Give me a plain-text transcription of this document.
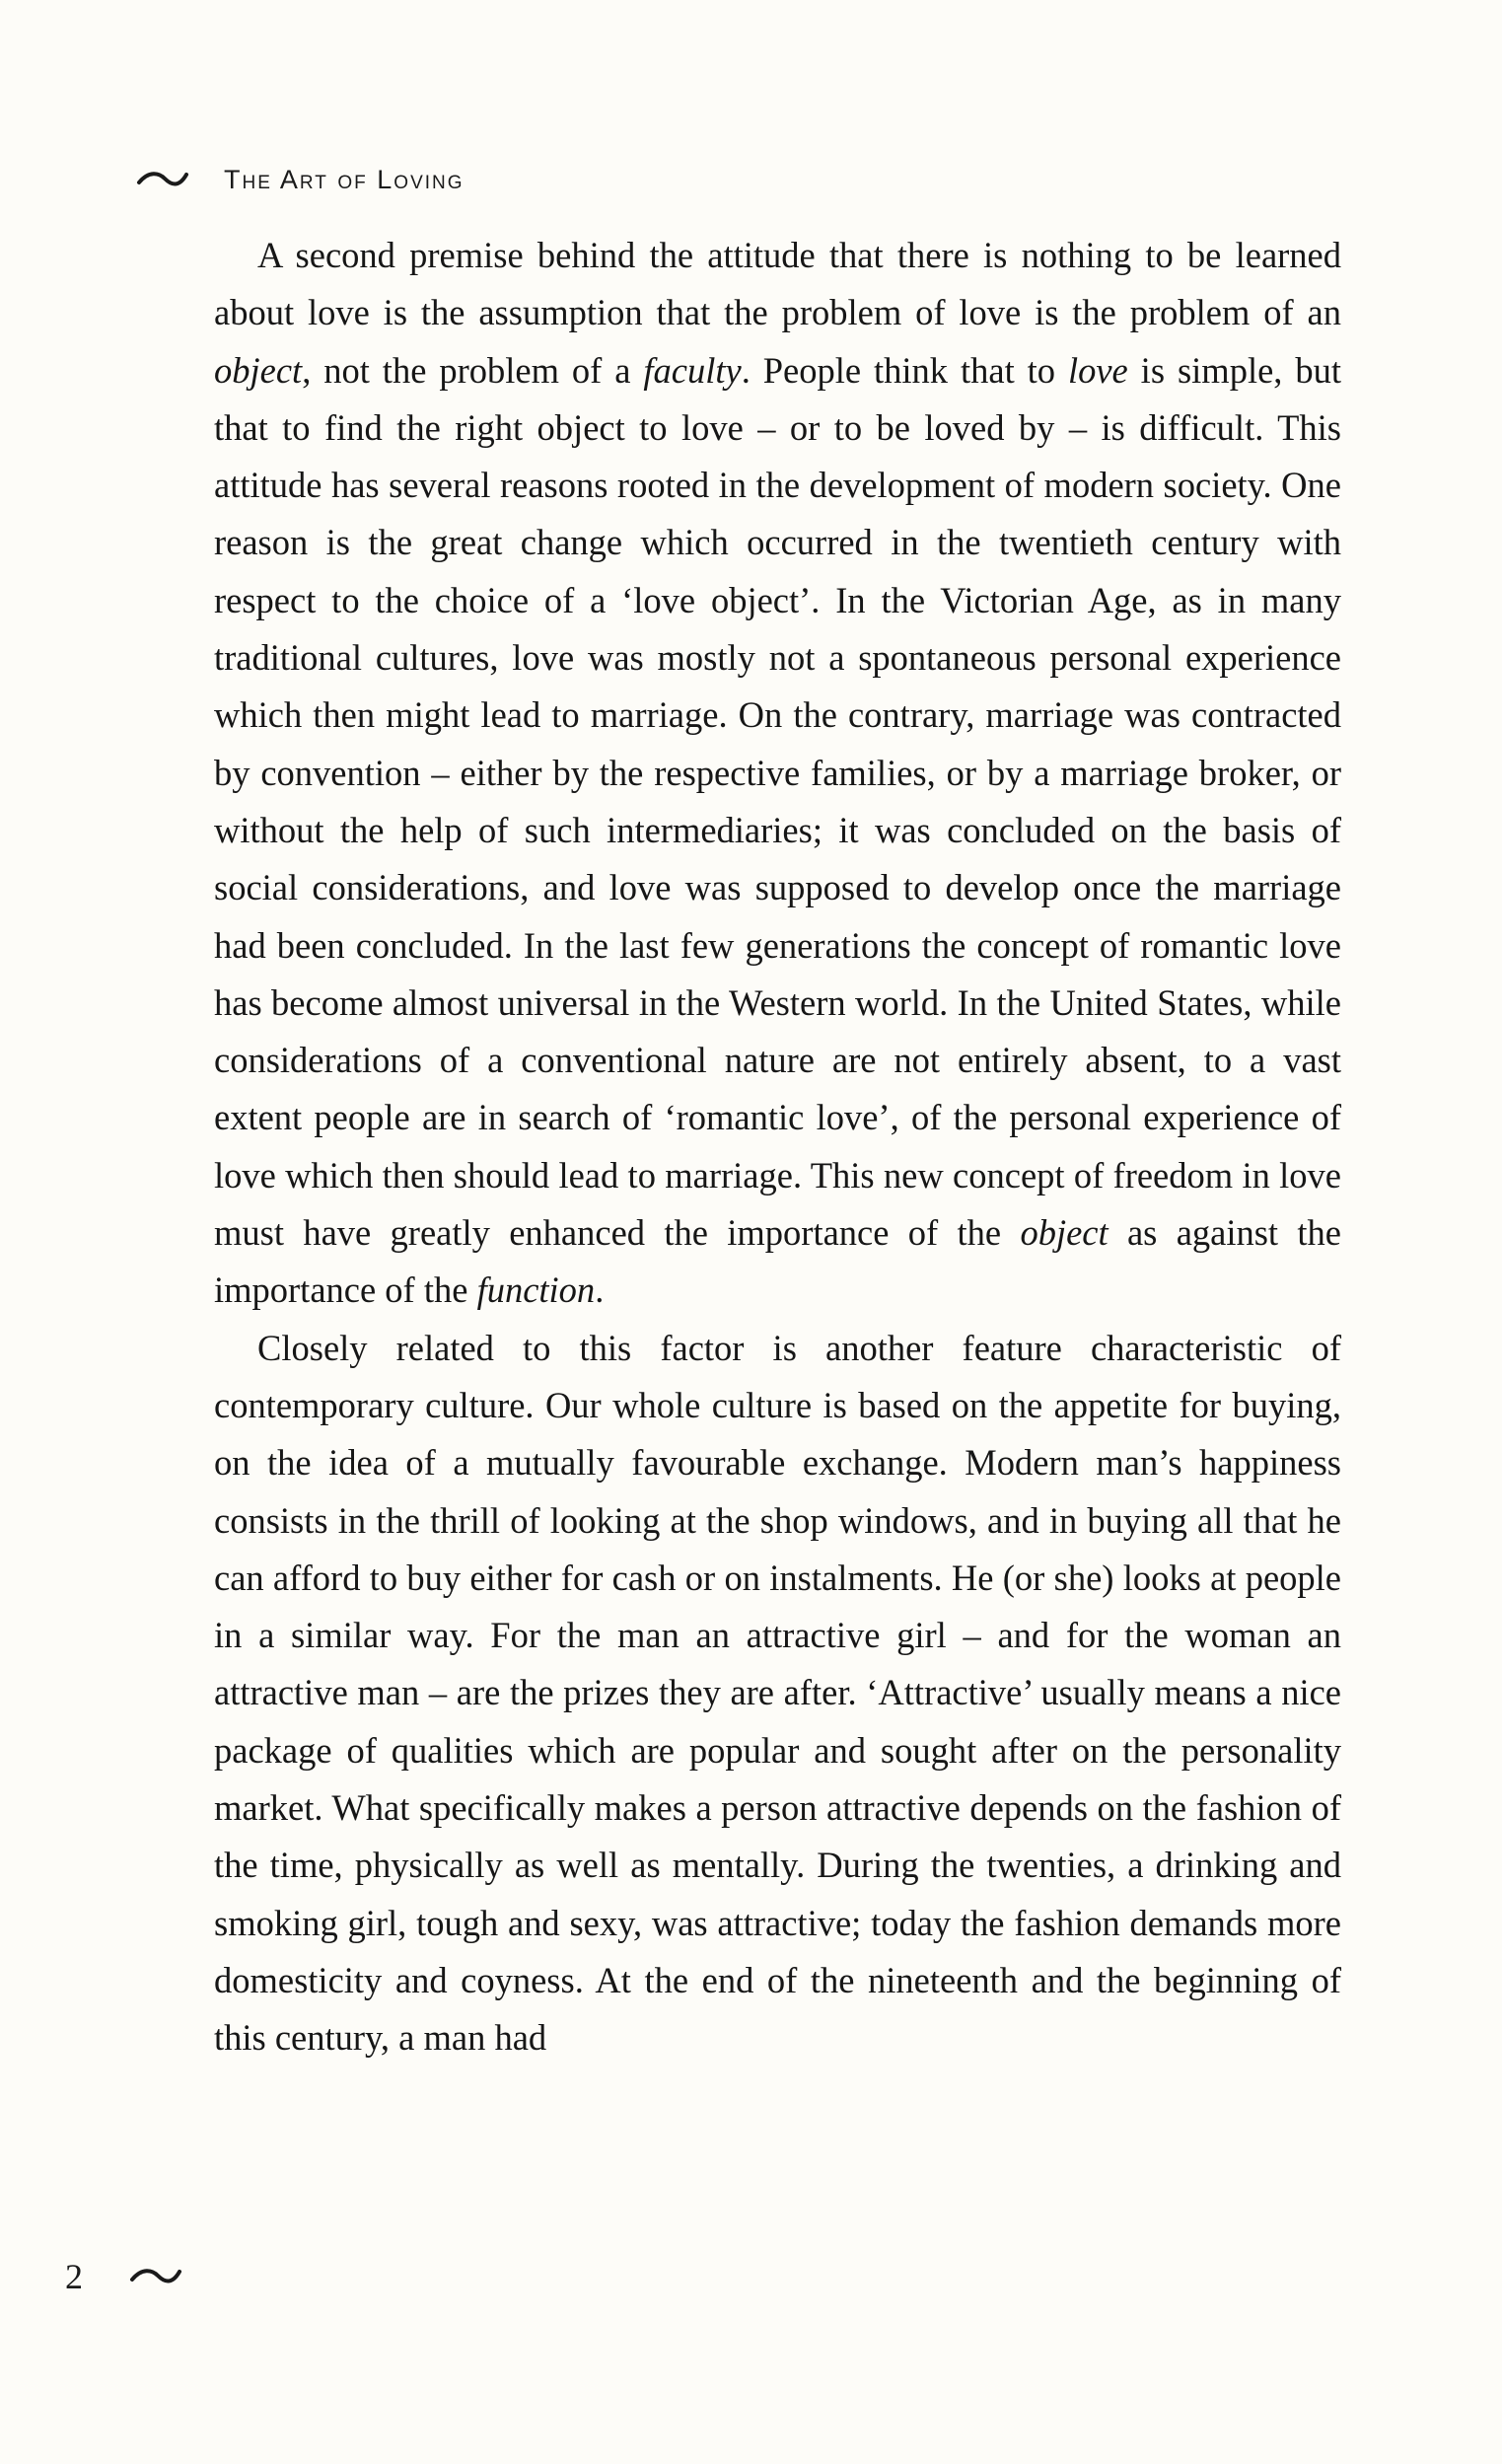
The Art of Loving

A second premise behind the attitude that there is nothing to be learned about love is the assumption that the problem of love is the problem of an object, not the problem of a faculty. People think that to love is simple, but that to find the right object to love – or to be loved by – is difficult. This attitude has several reasons rooted in the development of modern society. One reason is the great change which occurred in the twentieth century with respect to the choice of a ‘love object’. In the Victorian Age, as in many traditional cultures, love was mostly not a spontaneous personal experience which then might lead to marriage. On the contrary, marriage was contracted by convention – either by the respective families, or by a marriage broker, or without the help of such intermediaries; it was concluded on the basis of social considerations, and love was supposed to develop once the marriage had been concluded. In the last few generations the concept of romantic love has become almost universal in the Western world. In the United States, while considerations of a conventional nature are not entirely absent, to a vast extent people are in search of ‘romantic love’, of the personal experience of love which then should lead to marriage. This new concept of freedom in love must have greatly enhanced the importance of the object as against the importance of the function.

Closely related to this factor is another feature characteristic of contemporary culture. Our whole culture is based on the appetite for buying, on the idea of a mutually favourable exchange. Modern man’s happiness consists in the thrill of looking at the shop windows, and in buying all that he can afford to buy either for cash or on instalments. He (or she) looks at people in a similar way. For the man an attractive girl – and for the woman an attractive man – are the prizes they are after. ‘Attractive’ usually means a nice package of qualities which are popular and sought after on the personality market. What specifically makes a person attractive depends on the fashion of the time, physically as well as mentally. During the twenties, a drinking and smoking girl, tough and sexy, was attractive; today the fashion demands more domesticity and coyness. At the end of the nineteenth and the beginning of this century, a man had

2
